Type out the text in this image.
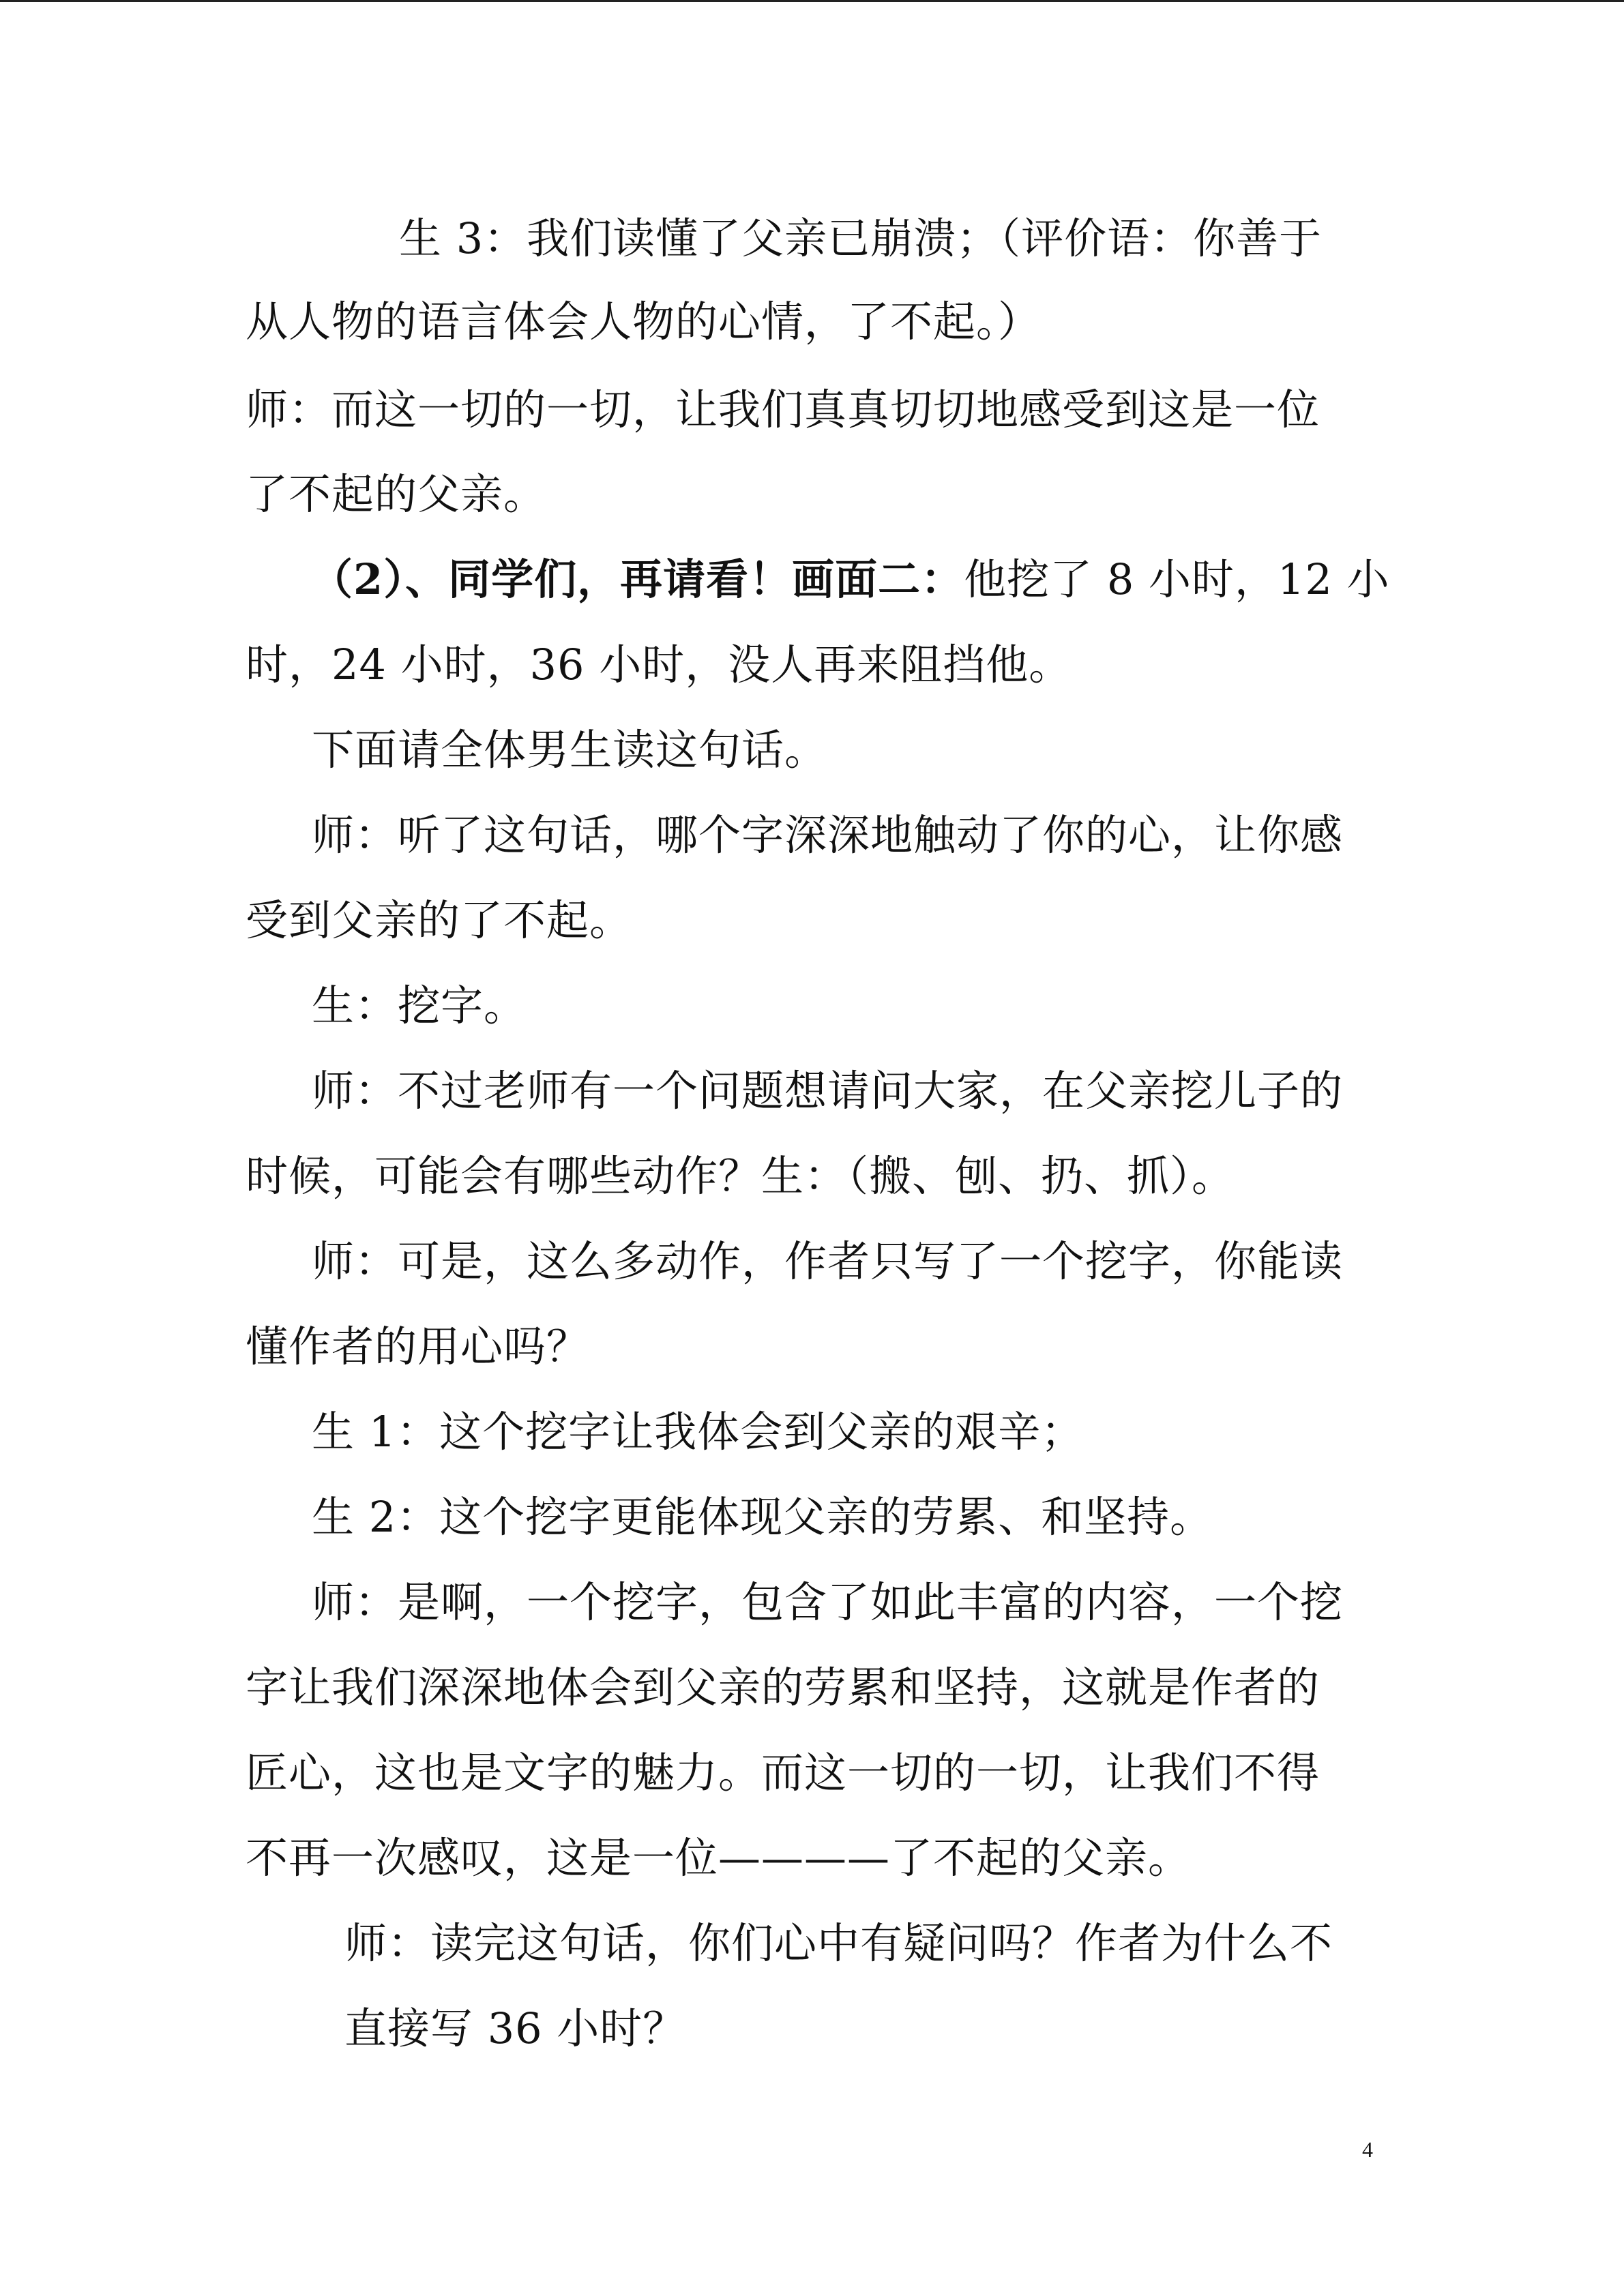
生 3：我们读懂了父亲已崩溃；（评价语：你善于
从人物的语言体会人物的心情，了不起。）
师：而这一切的一切，让我们真真切切地感受到这是一位
了不起的父亲。
（2）、同学们，再请看！画面二：他挖了 8 小时，12 小
时，24 小时，36 小时，没人再来阻挡他。
下面请全体男生读这句话。
师：听了这句话，哪个字深深地触动了你的心，让你感
受到父亲的了不起。
生：挖字。
师：不过老师有一个问题想请问大家，在父亲挖儿子的
时候，可能会有哪些动作？生：（搬、刨、扔、抓）。
师：可是，这么多动作，作者只写了一个挖字，你能读
懂作者的用心吗？
生 1：这个挖字让我体会到父亲的艰辛；
生 2：这个挖字更能体现父亲的劳累、和坚持。
师：是啊，一个挖字，包含了如此丰富的内容，一个挖
字让我们深深地体会到父亲的劳累和坚持，这就是作者的
匠心，这也是文字的魅力。而这一切的一切，让我们不得
不再一次感叹，这是一位————了不起的父亲。
师：读完这句话，你们心中有疑问吗？作者为什么不
直接写 36 小时？
4
